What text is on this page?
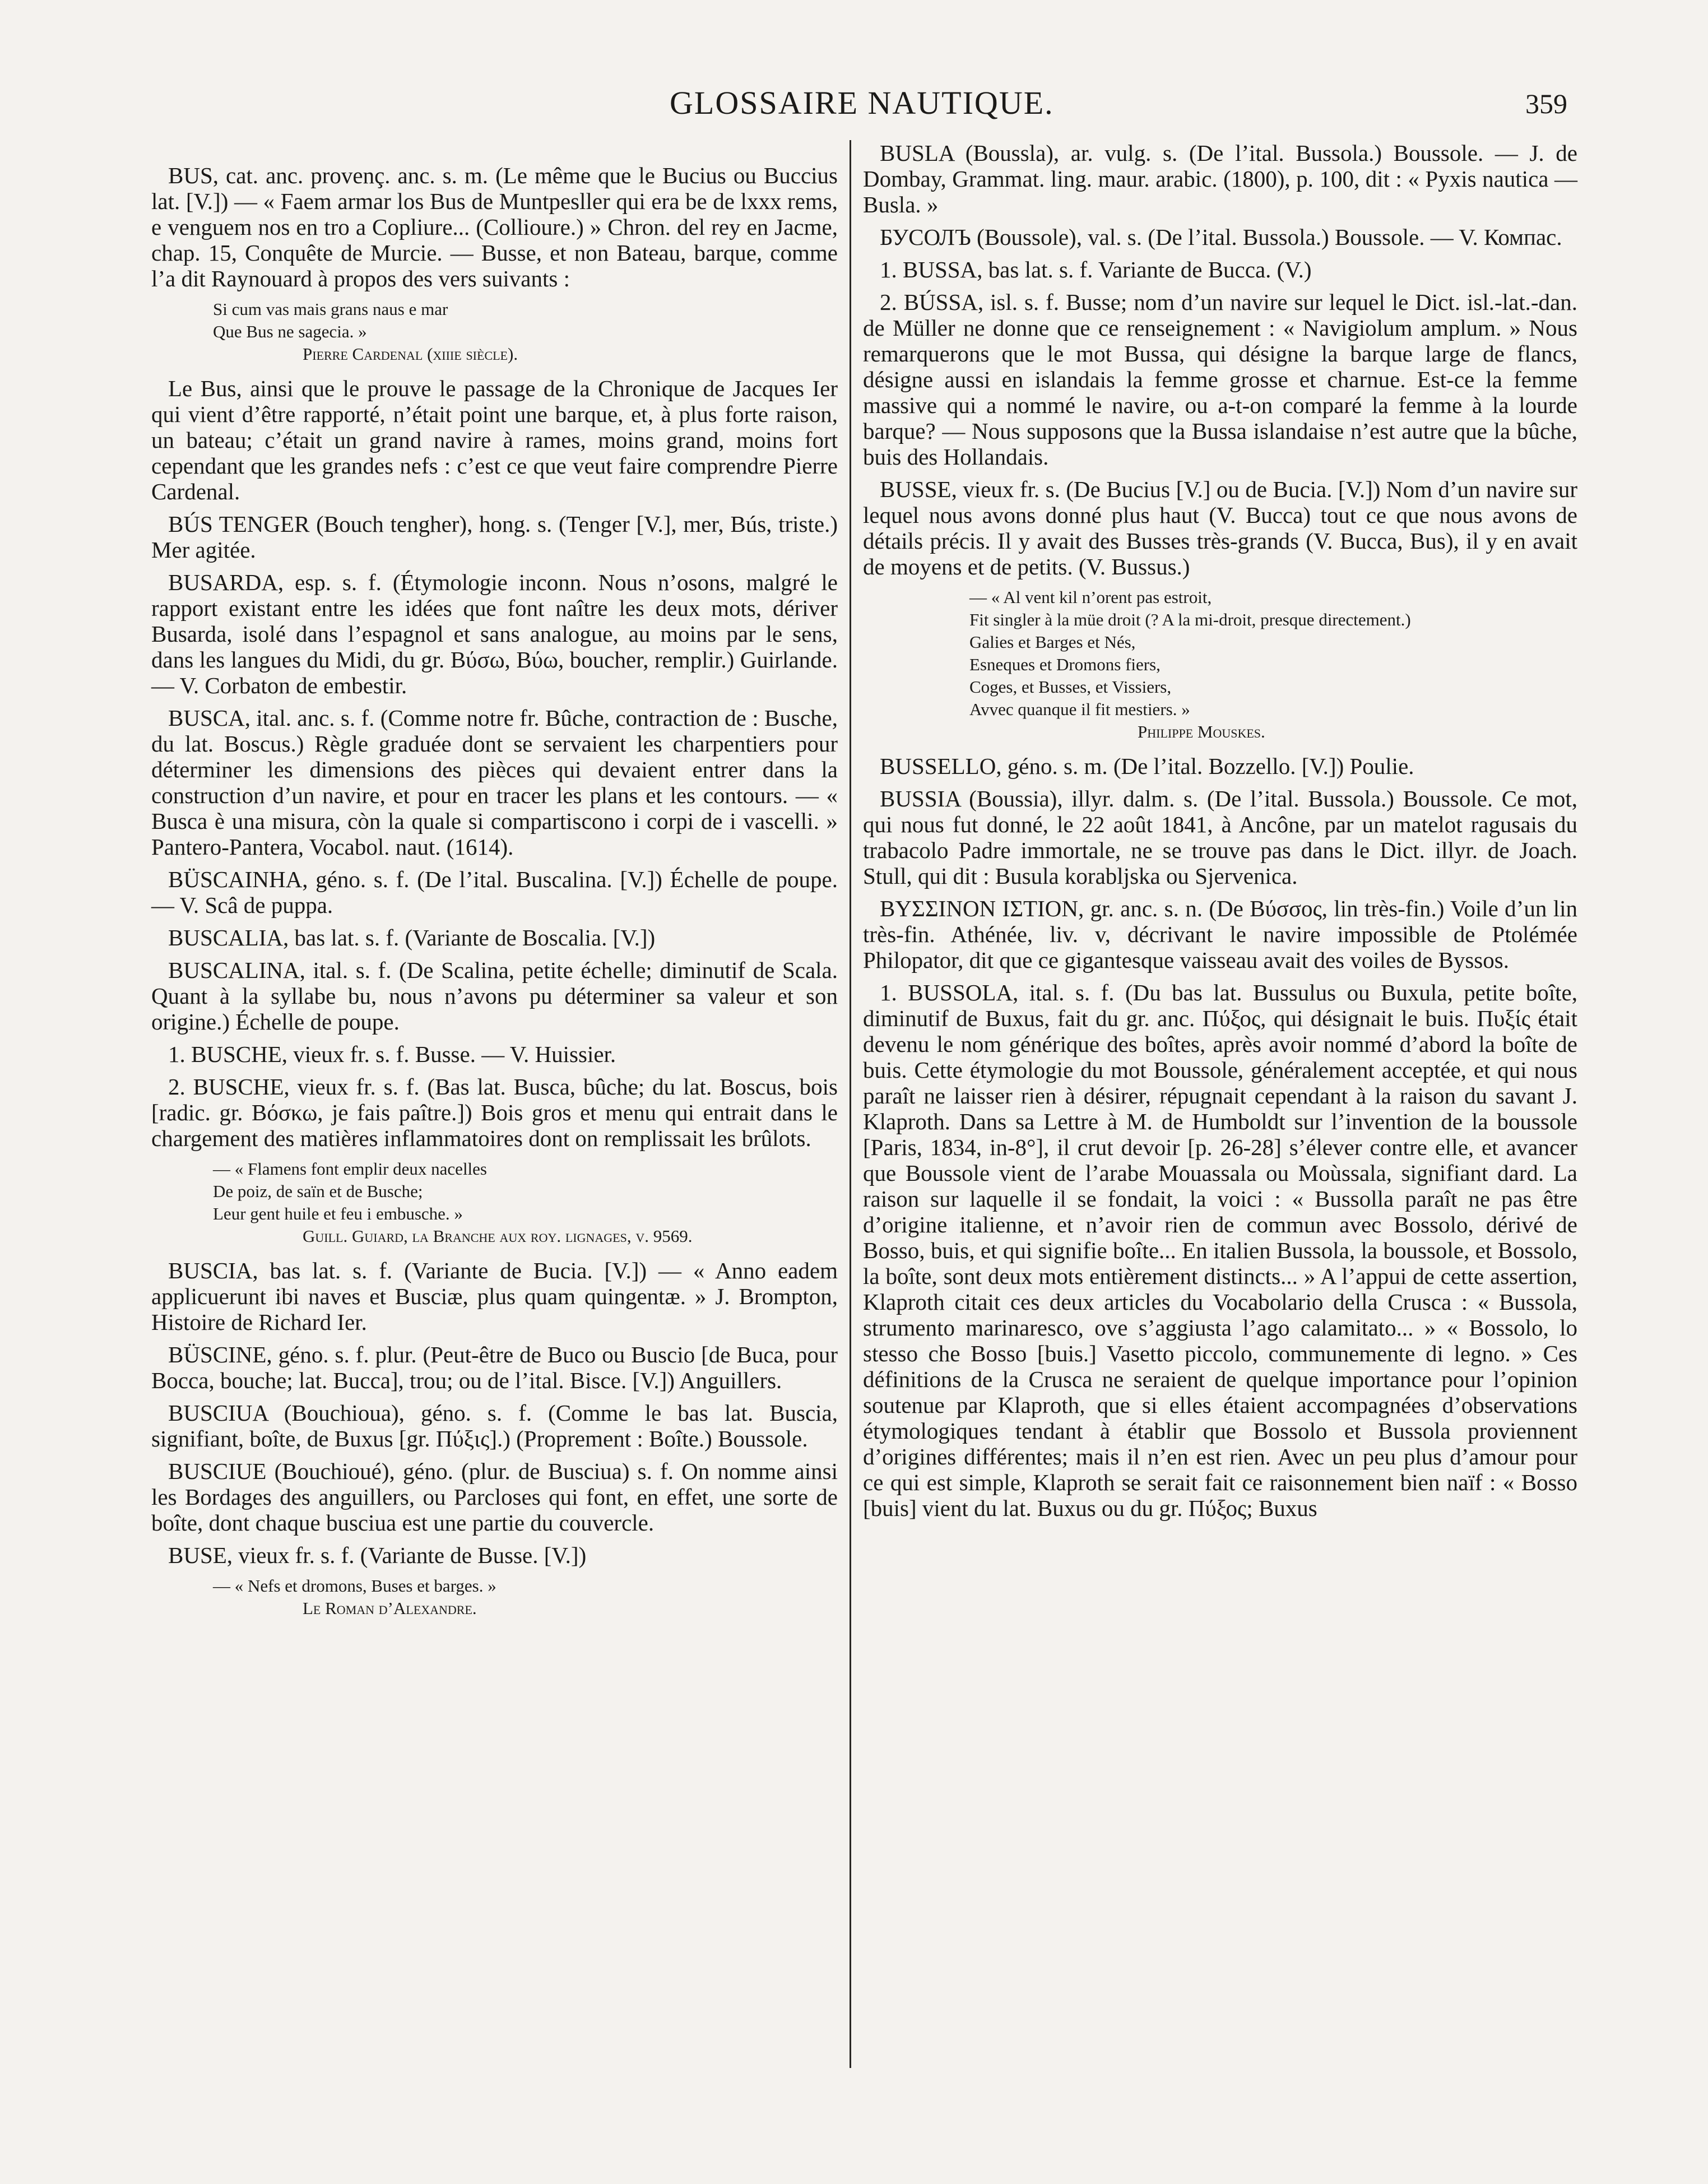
GLOSSAIRE NAUTIQUE.	359

BUS, cat. anc. provenç. anc. s. m. (Le même que le Bucius ou Buccius lat. [V.]) — « Faem armar los Bus de Muntpesller qui era be de lxxx rems, e venguem nos en tro a Copliure... (Collioure.) » Chron. del rey en Jacme, chap. 15, Conquête de Murcie. — Busse, et non Bateau, barque, comme l’a dit Raynouard à propos des vers suivants :

Si cum vas mais grans naus e mar
Que Bus ne sagecia. »
Pierre Cardenal (xiiie siècle).

Le Bus, ainsi que le prouve le passage de la Chronique de Jacques Ier qui vient d’être rapporté, n’était point une barque, et, à plus forte raison, un bateau; c’était un grand navire à rames, moins grand, moins fort cependant que les grandes nefs : c’est ce que veut faire comprendre Pierre Cardenal.

BÚS TENGER (Bouch tengher), hong. s. (Tenger [V.], mer, Bús, triste.) Mer agitée.

BUSARDA, esp. s. f. (Étymologie inconn. Nous n’osons, malgré le rapport existant entre les idées que font naître les deux mots, dériver Busarda, isolé dans l’espagnol et sans analogue, au moins par le sens, dans les langues du Midi, du gr. Βύσω, Βύω, boucher, remplir.) Guirlande. — V. Corbaton de embestir.

BUSCA, ital. anc. s. f. (Comme notre fr. Bûche, contraction de : Busche, du lat. Boscus.) Règle graduée dont se servaient les charpentiers pour déterminer les dimensions des pièces qui devaient entrer dans la construction d’un navire, et pour en tracer les plans et les contours. — « Busca è una misura, còn la quale si compartiscono i corpi de i vascelli. » Pantero-Pantera, Vocabol. naut. (1614).

BÜSCAINHA, géno. s. f. (De l’ital. Buscalina. [V.]) Échelle de poupe. — V. Scâ de puppa.

BUSCALIA, bas lat. s. f. (Variante de Boscalia. [V.])

BUSCALINA, ital. s. f. (De Scalina, petite échelle; diminutif de Scala. Quant à la syllabe bu, nous n’avons pu déterminer sa valeur et son origine.) Échelle de poupe.

1. BUSCHE, vieux fr. s. f. Busse. — V. Huissier.

2. BUSCHE, vieux fr. s. f. (Bas lat. Busca, bûche; du lat. Boscus, bois [radic. gr. Βόσκω, je fais paître.]) Bois gros et menu qui entrait dans le chargement des matières inflammatoires dont on remplissait les brûlots.

— « Flamens font emplir deux nacelles
De poiz, de saïn et de Busche;
Leur gent huile et feu i embusche. »
Guill. Guiard, la Branche aux roy. lignages, v. 9569.

BUSCIA, bas lat. s. f. (Variante de Bucia. [V.]) — « Anno eadem applicuerunt ibi naves et Busciæ, plus quam quingentæ. » J. Brompton, Histoire de Richard Ier.

BÜSCINE, géno. s. f. plur. (Peut-être de Buco ou Buscio [de Buca, pour Bocca, bouche; lat. Bucca], trou; ou de l’ital. Bisce. [V.]) Anguillers.

BUSCIUA (Bouchioua), géno. s. f. (Comme le bas lat. Buscia, signifiant, boîte, de Buxus [gr. Πύξις].) (Proprement : Boîte.) Boussole.

BUSCIUE (Bouchioué), géno. (plur. de Busciua) s. f. On nomme ainsi les Bordages des anguillers, ou Parcloses qui font, en effet, une sorte de boîte, dont chaque busciua est une partie du couvercle.

BUSE, vieux fr. s. f. (Variante de Busse. [V.])

— « Nefs et dromons, Buses et barges. »
Le Roman d’Alexandre.

BUSLA (Boussla), ar. vulg. s. (De l’ital. Bussola.) Boussole. — J. de Dombay, Grammat. ling. maur. arabic. (1800), p. 100, dit : « Pyxis nautica — Busla. »

БУСОЛЪ (Boussole), val. s. (De l’ital. Bussola.) Boussole. — V. Компас.

1. BUSSA, bas lat. s. f. Variante de Bucca. (V.)

2. BÚSSA, isl. s. f. Busse; nom d’un navire sur lequel le Dict. isl.-lat.-dan. de Müller ne donne que ce renseignement : « Navigiolum amplum. » Nous remarquerons que le mot Bussa, qui désigne la barque large de flancs, désigne aussi en islandais la femme grosse et charnue. Est-ce la femme massive qui a nommé le navire, ou a-t-on comparé la femme à la lourde barque? — Nous supposons que la Bussa islandaise n’est autre que la bûche, buis des Hollandais.

BUSSE, vieux fr. s. (De Bucius [V.] ou de Bucia. [V.]) Nom d’un navire sur lequel nous avons donné plus haut (V. Bucca) tout ce que nous avons de détails précis. Il y avait des Busses très-grands (V. Bucca, Bus), il y en avait de moyens et de petits. (V. Bussus.)

— « Al vent kil n’orent pas estroit,
Fit singler à la müe droit (? A la mi-droit, presque directement.)
Galies et Barges et Nés,
Esneques et Dromons fiers,
Coges, et Busses, et Vissiers,
Avvec quanque il fit mestiers. »
Philippe Mouskes.

BUSSELLO, géno. s. m. (De l’ital. Bozzello. [V.]) Poulie.

BUSSIA (Boussia), illyr. dalm. s. (De l’ital. Bussola.) Boussole. Ce mot, qui nous fut donné, le 22 août 1841, à Ancône, par un matelot ragusais du trabacolo Padre immortale, ne se trouve pas dans le Dict. illyr. de Joach. Stull, qui dit : Busula korabljska ou Sjervenica.

ΒΥΣΣΙΝΟΝ ΙΣΤΙΟΝ, gr. anc. s. n. (De Βύσσος, lin très-fin.) Voile d’un lin très-fin. Athénée, liv. v, décrivant le navire impossible de Ptolémée Philopator, dit que ce gigantesque vaisseau avait des voiles de Byssos.

1. BUSSOLA, ital. s. f. (Du bas lat. Bussulus ou Buxula, petite boîte, diminutif de Buxus, fait du gr. anc. Πύξος, qui désignait le buis. Πυξίς était devenu le nom générique des boîtes, après avoir nommé d’abord la boîte de buis. Cette étymologie du mot Boussole, généralement acceptée, et qui nous paraît ne laisser rien à désirer, répugnait cependant à la raison du savant J. Klaproth. Dans sa Lettre à M. de Humboldt sur l’invention de la boussole [Paris, 1834, in-8°], il crut devoir [p. 26-28] s’élever contre elle, et avancer que Boussole vient de l’arabe Mouassala ou Moùssala, signifiant dard. La raison sur laquelle il se fondait, la voici : « Bussolla paraît ne pas être d’origine italienne, et n’avoir rien de commun avec Bossolo, dérivé de Bosso, buis, et qui signifie boîte... En italien Bussola, la boussole, et Bossolo, la boîte, sont deux mots entièrement distincts... » A l’appui de cette assertion, Klaproth citait ces deux articles du Vocabolario della Crusca : « Bussola, strumento marinaresco, ove s’aggiusta l’ago calamitato... » « Bossolo, lo stesso che Bosso [buis.] Vasetto piccolo, communemente di legno. » Ces définitions de la Crusca ne seraient de quelque importance pour l’opinion soutenue par Klaproth, que si elles étaient accompagnées d’observations étymologiques tendant à établir que Bossolo et Bussola proviennent d’origines différentes; mais il n’en est rien. Avec un peu plus d’amour pour ce qui est simple, Klaproth se serait fait ce raisonnement bien naïf : « Bosso [buis] vient du lat. Buxus ou du gr. Πύξος; Buxus
